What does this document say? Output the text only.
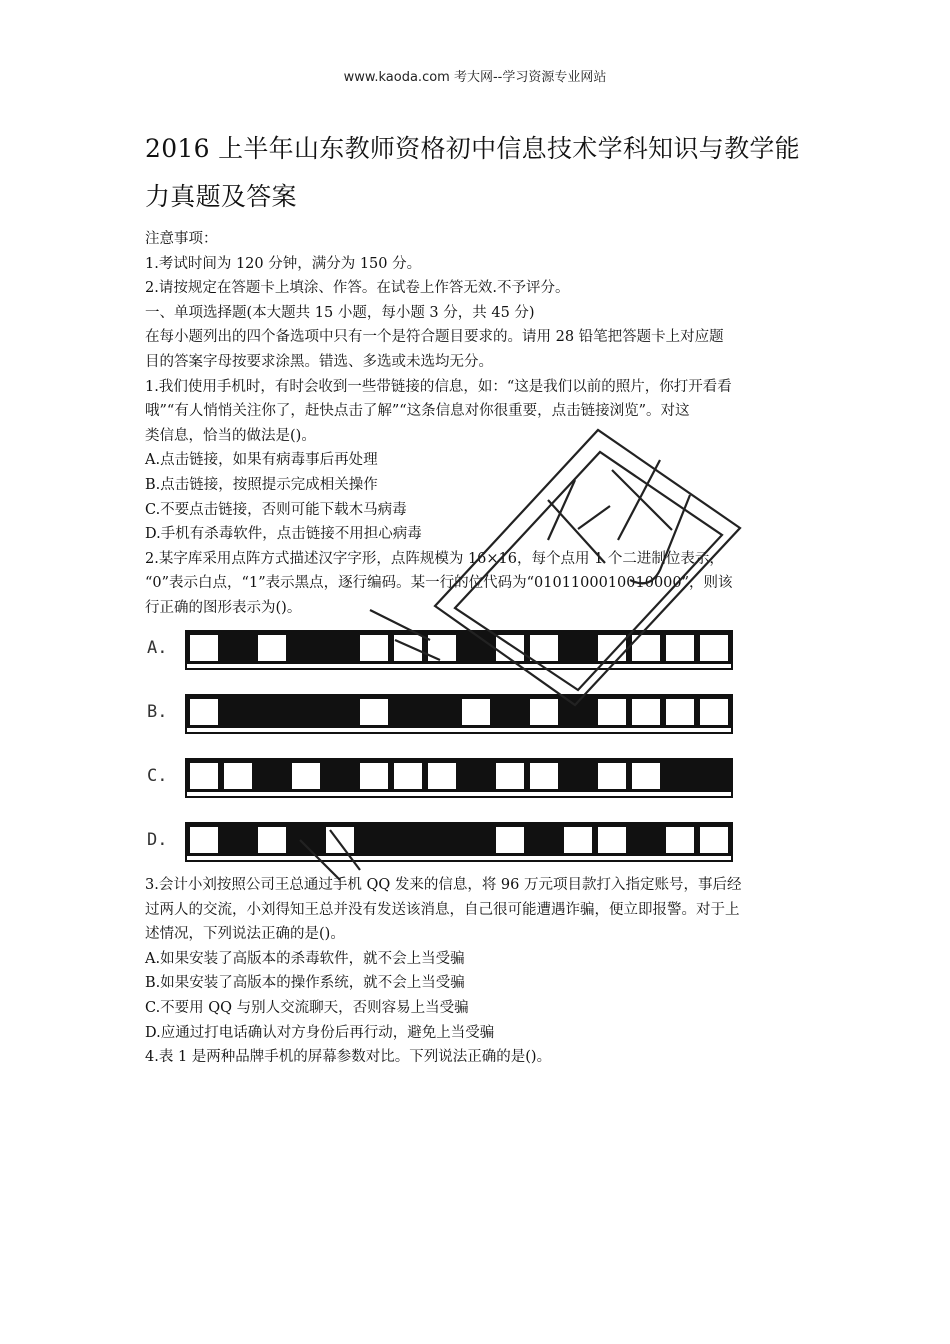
www.kaoda.com 考大网--学习资源专业网站
2016 上半年山东教师资格初中信息技术学科知识与教学能
力真题及答案
注意事项：
1.考试时间为 120 分钟，满分为 150 分。
2.请按规定在答题卡上填涂、作答。在试卷上作答无效.不予评分。
一、单项选择题(本大题共 15 小题，每小题 3 分，共 45 分)
在每小题列出的四个备选项中只有一个是符合题目要求的。请用 28 铅笔把答题卡上对应题
目的答案字母按要求涂黑。错选、多选或未选均无分。
1.我们使用手机时，有时会收到一些带链接的信息，如：“这是我们以前的照片，你打开看看
哦”“有人悄悄关注你了，赶快点击了解”“这条信息对你很重要，点击链接浏览”。对这
类信息，恰当的做法是()。
A.点击链接，如果有病毒事后再处理
B.点击链接，按照提示完成相关操作
C.不要点击链接，否则可能下载木马病毒
D.手机有杀毒软件，点击链接不用担心病毒
2.某字库采用点阵方式描述汉字字形，点阵规模为 16×16，每个点用 1 个二进制位表示，
“0”表示白点，“1”表示黑点，逐行编码。某一行的位代码为“0101100010010000”，则该
行正确的图形表示为()。
A.
B.
C.
D.
3.会计小刘按照公司王总通过手机 QQ 发来的信息，将 96 万元项目款打入指定账号，事后经
过两人的交流，小刘得知王总并没有发送该消息，自己很可能遭遇诈骗，便立即报警。对于上
述情况，下列说法正确的是()。
A.如果安装了高版本的杀毒软件，就不会上当受骗
B.如果安装了高版本的操作系统，就不会上当受骗
C.不要用 QQ 与别人交流聊天，否则容易上当受骗
D.应通过打电话确认对方身份后再行动，避免上当受骗
4.表 1 是两种品牌手机的屏幕参数对比。下列说法正确的是()。
